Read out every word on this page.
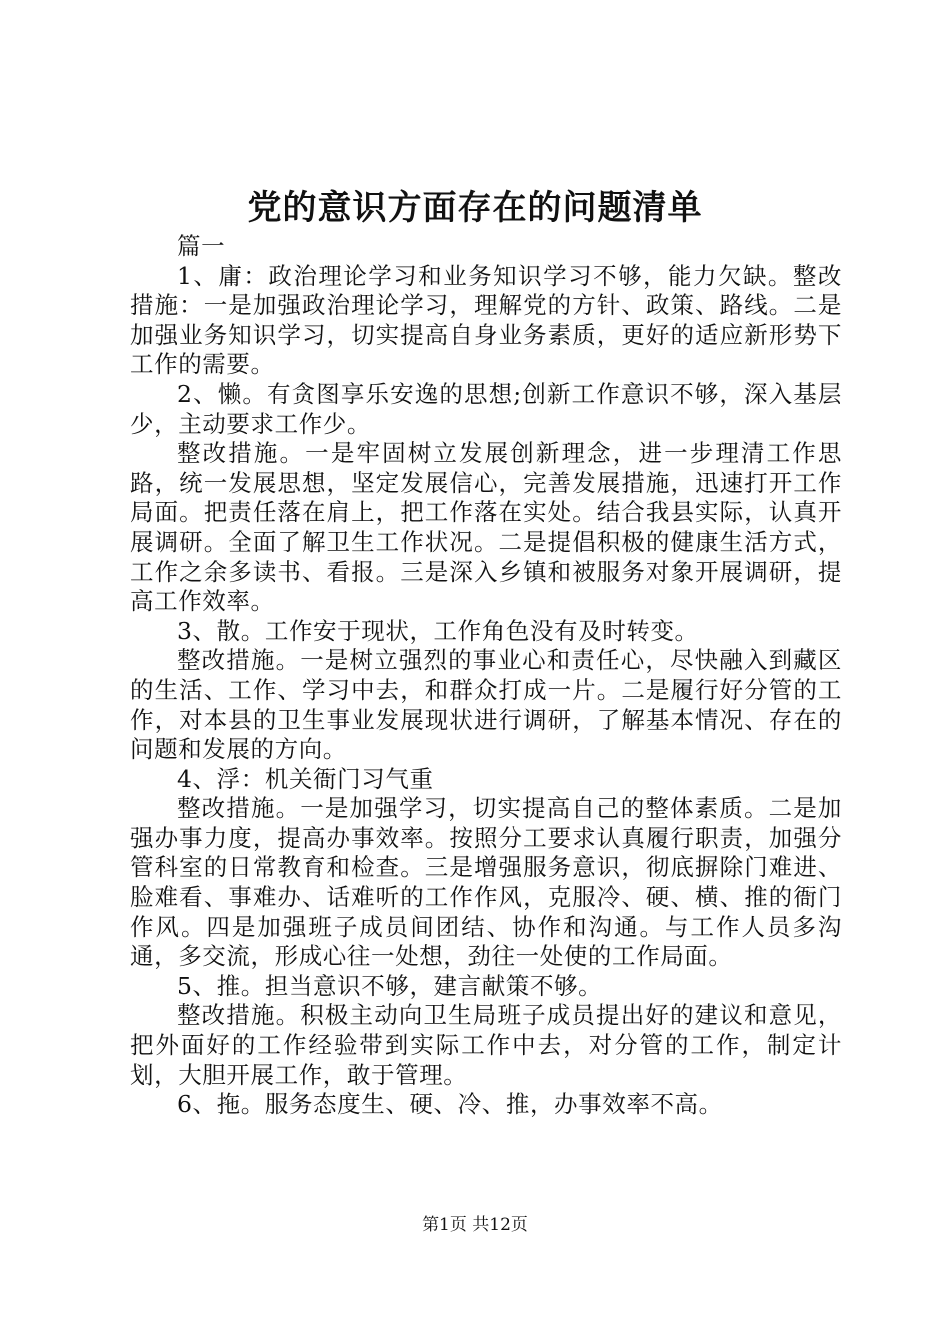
党的意识方面存在的问题清单

篇一

1、庸：政治理论学习和业务知识学习不够，能力欠缺。整改措施：一是加强政治理论学习，理解党的方针、政策、路线。二是加强业务知识学习，切实提高自身业务素质，更好的适应新形势下工作的需要。

2、懒。有贪图享乐安逸的思想;创新工作意识不够，深入基层少，主动要求工作少。

整改措施。一是牢固树立发展创新理念，进一步理清工作思路，统一发展思想，坚定发展信心，完善发展措施，迅速打开工作局面。把责任落在肩上，把工作落在实处。结合我县实际，认真开展调研。全面了解卫生工作状况。二是提倡积极的健康生活方式，工作之余多读书、看报。三是深入乡镇和被服务对象开展调研，提高工作效率。

3、散。工作安于现状，工作角色没有及时转变。

整改措施。一是树立强烈的事业心和责任心，尽快融入到藏区的生活、工作、学习中去，和群众打成一片。二是履行好分管的工作，对本县的卫生事业发展现状进行调研，了解基本情况、存在的问题和发展的方向。

4、浮：机关衙门习气重

整改措施。一是加强学习，切实提高自己的整体素质。二是加强办事力度，提高办事效率。按照分工要求认真履行职责，加强分管科室的日常教育和检查。三是增强服务意识，彻底摒除门难进、脸难看、事难办、话难听的工作作风，克服冷、硬、横、推的衙门作风。四是加强班子成员间团结、协作和沟通。与工作人员多沟通，多交流，形成心往一处想，劲往一处使的工作局面。

5、推。担当意识不够，建言献策不够。

整改措施。积极主动向卫生局班子成员提出好的建议和意见，把外面好的工作经验带到实际工作中去，对分管的工作，制定计划，大胆开展工作，敢于管理。

6、拖。服务态度生、硬、冷、推，办事效率不高。

第1页 共12页
